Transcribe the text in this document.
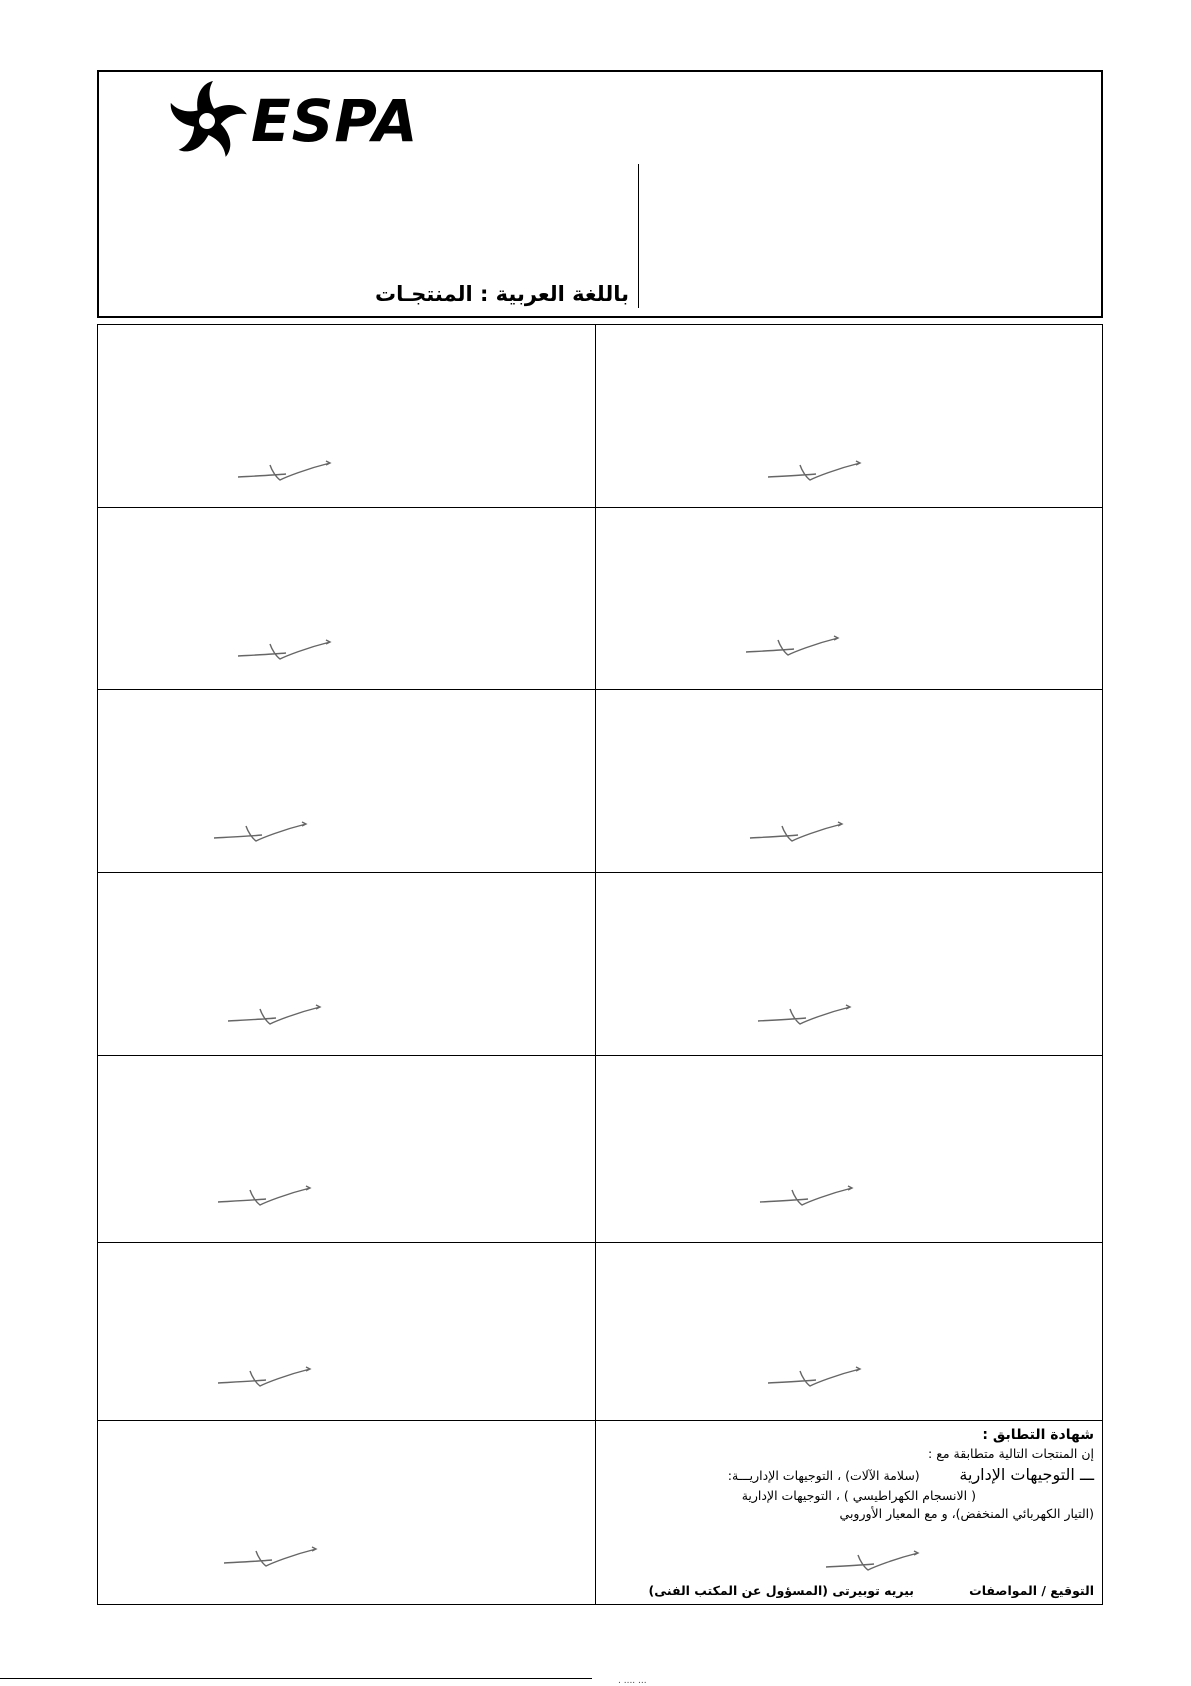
ESPA
باللغة العربية : المنتجـات
شهادة التطابق :
إن المنتجات التالية متطابقة مع :
ـــ التوجيهات الإدارية          (سلامة الآلات) ، التوجيهات الإداريـــة:
( الانسجام الكهراطيسي ) ، التوجيهات الإدارية
(التيار الكهربائي المنخفض)، و مع المعيار الأوروبي
التوقيع / المواصفات
بيريه توبيرتى (المسؤول عن المكتب الفنى)
. .... ...
